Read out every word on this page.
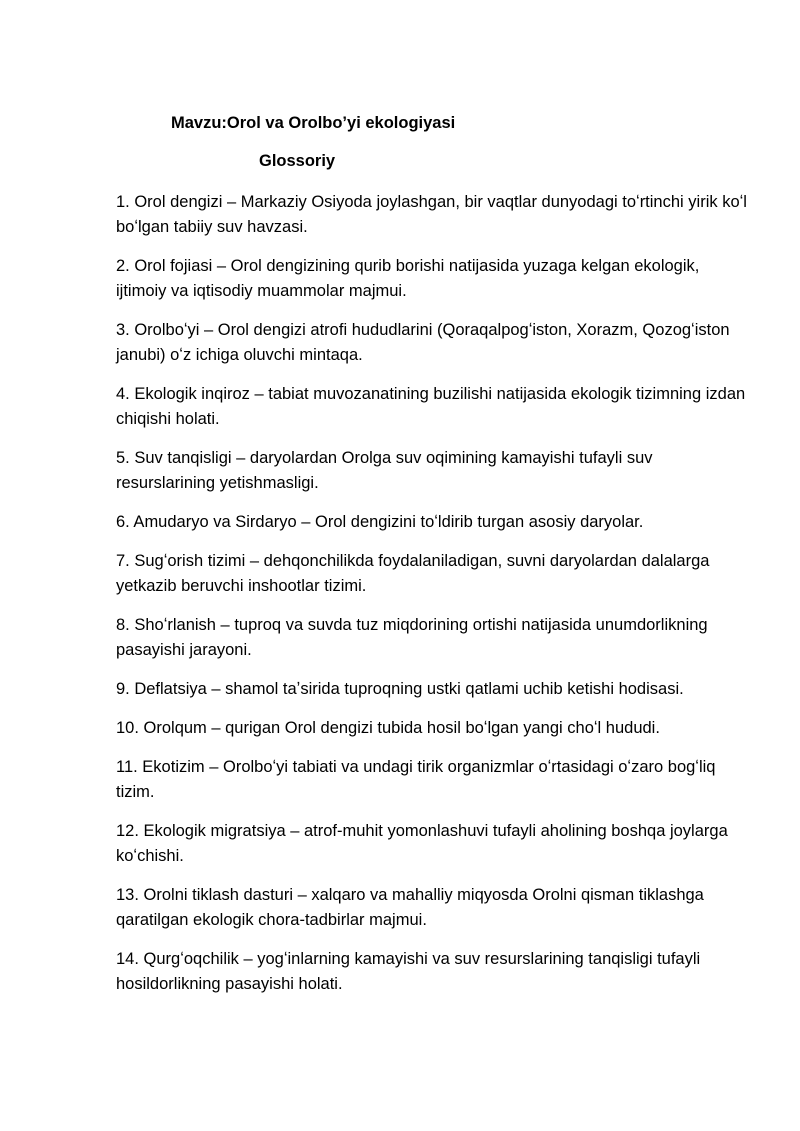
Mavzu:Orol va Orolbo’yi ekologiyasi
Glossoriy
1. Orol dengizi – Markaziy Osiyoda joylashgan, bir vaqtlar dunyodagi toʻrtinchi yirik koʻl boʻlgan tabiiy suv havzasi.
2. Orol fojiasi – Orol dengizining qurib borishi natijasida yuzaga kelgan ekologik, ijtimoiy va iqtisodiy muammolar majmui.
3. Orolboʻyi – Orol dengizi atrofi hududlarini (Qoraqalpogʻiston, Xorazm, Qozogʻiston janubi) oʻz ichiga oluvchi mintaqa.
4. Ekologik inqiroz – tabiat muvozanatining buzilishi natijasida ekologik tizimning izdan chiqishi holati.
5. Suv tanqisligi – daryolardan Orolga suv oqimining kamayishi tufayli suv resurslarining yetishmasligi.
6. Amudaryo va Sirdaryo – Orol dengizini toʻldirib turgan asosiy daryolar.
7. Sugʻorish tizimi – dehqonchilikda foydalaniladigan, suvni daryolardan dalalarga yetkazib beruvchi inshootlar tizimi.
8. Shoʻrlanish – tuproq va suvda tuz miqdorining ortishi natijasida unumdorlikning pasayishi jarayoni.
9. Deflatsiya – shamol taʼsirida tuproqning ustki qatlami uchib ketishi hodisasi.
10. Orolqum – qurigan Orol dengizi tubida hosil boʻlgan yangi choʻl hududi.
11. Ekotizim – Orolboʻyi tabiati va undagi tirik organizmlar oʻrtasidagi oʻzaro bogʻliq tizim.
12. Ekologik migratsiya – atrof-muhit yomonlashuvi tufayli aholining boshqa joylarga koʻchishi.
13. Orolni tiklash dasturi – xalqaro va mahalliy miqyosda Orolni qisman tiklashga qaratilgan ekologik chora-tadbirlar majmui.
14. Qurgʻoqchilik – yogʻinlarning kamayishi va suv resurslarining tanqisligi tufayli hosildorlikning pasayishi holati.
